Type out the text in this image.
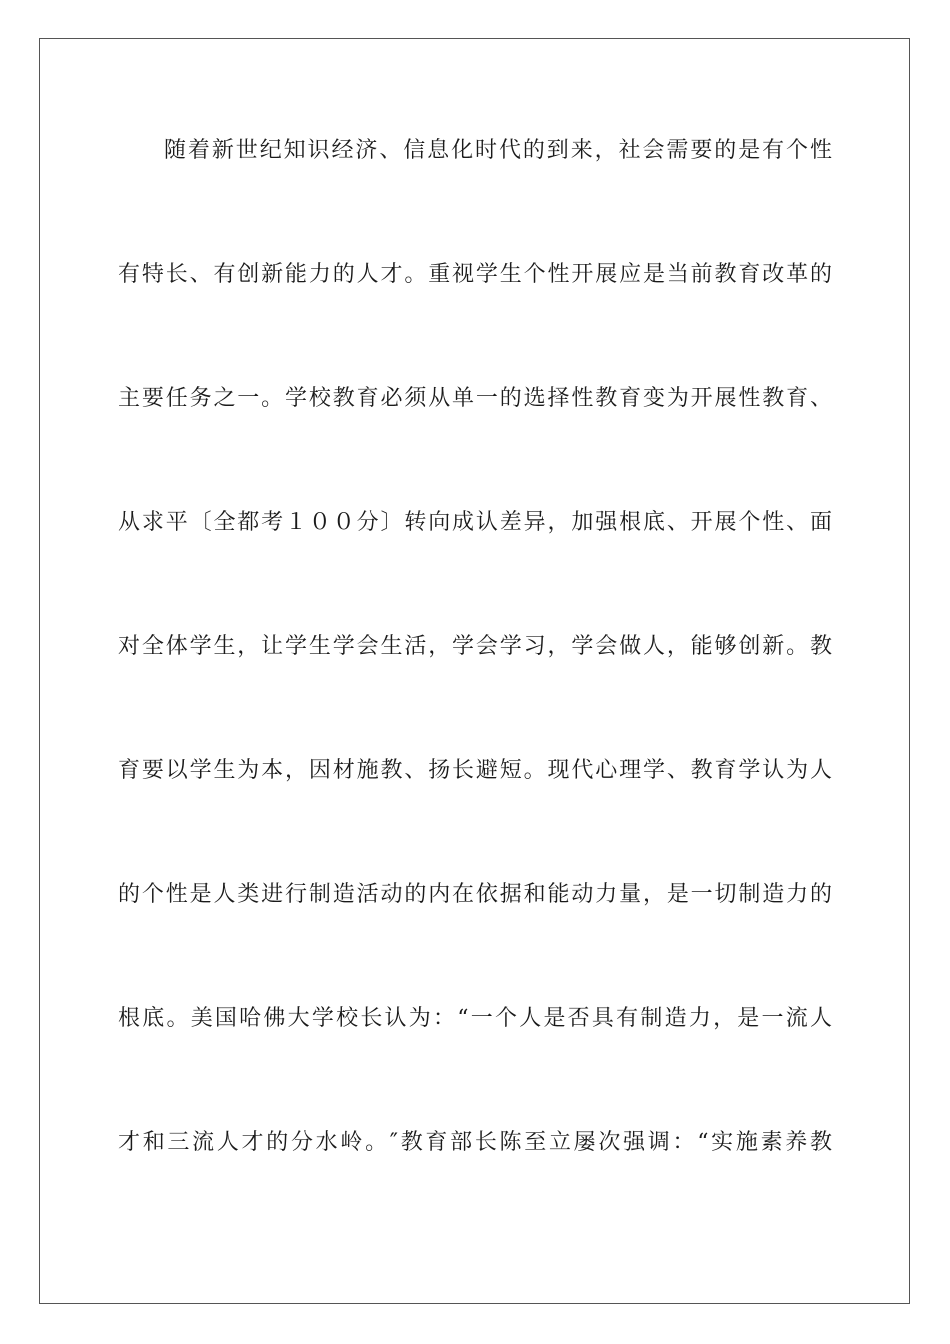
随着新世纪知识经济、信息化时代的到来，社会需要的是有个性
有特长、有创新能力的人才。重视学生个性开展应是当前教育改革的
主要任务之一。学校教育必须从单一的选择性教育变为开展性教育、
从求平〔全都考１００分〕转向成认差异，加强根底、开展个性、面
对全体学生，让学生学会生活，学会学习，学会做人，能够创新。教
育要以学生为本，因材施教、扬长避短。现代心理学、教育学认为人
的个性是人类进行制造活动的内在依据和能动力量，是一切制造力的
根底。美国哈佛大学校长认为：“一个人是否具有制造力，是一流人
才和三流人才的分水岭。″教育部长陈至立屡次强调：“实施素养教
